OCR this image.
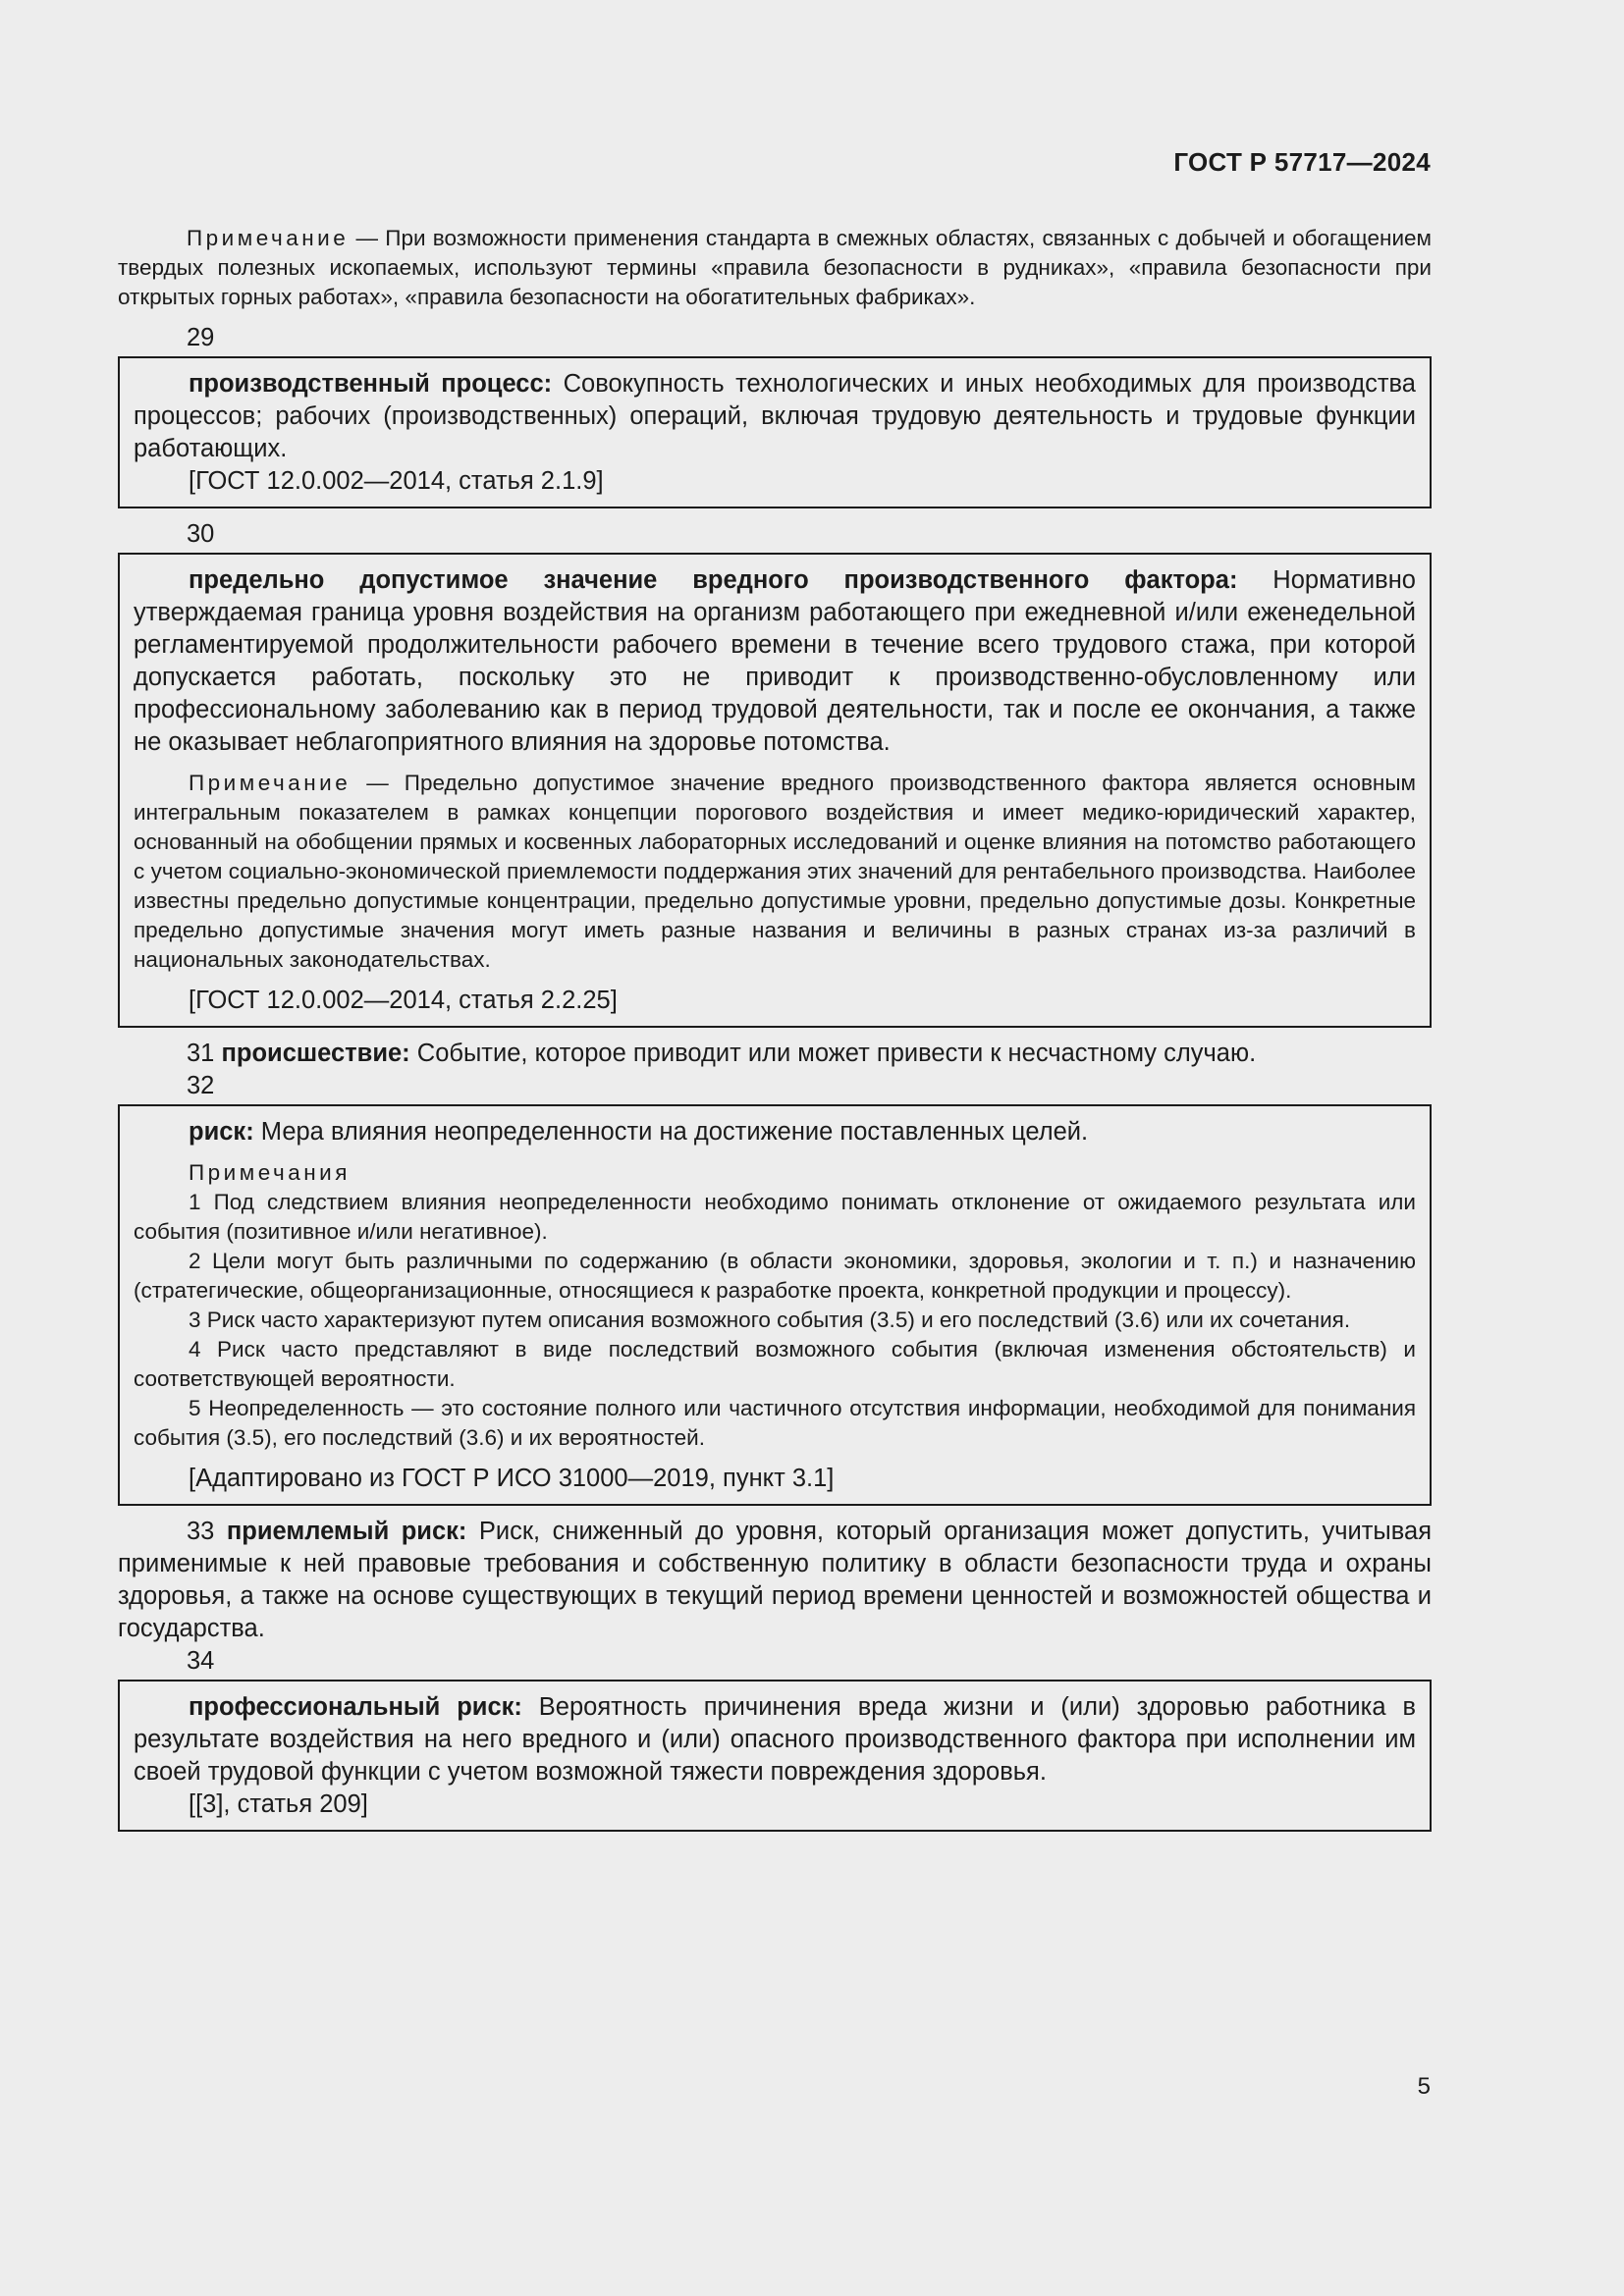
ГОСТ Р 57717—2024

Примечание — При возможности применения стандарта в смежных областях, связанных с добычей и обогащением твердых полезных ископаемых, используют термины «правила безопасности в рудниках», «правила безопасности при открытых горных работах», «правила безопасности на обогатительных фабриках».

29

производственный процесс: Совокупность технологических и иных необходимых для производства процессов; рабочих (производственных) операций, включая трудовую деятельность и трудовые функции работающих.

[ГОСТ 12.0.002—2014, статья 2.1.9]
30

предельно допустимое значение вредного производственного фактора: Нормативно утверждаемая граница уровня воздействия на организм работающего при ежедневной и/или еженедельной регламентируемой продолжительности рабочего времени в течение всего трудового стажа, при которой допускается работать, поскольку это не приводит к производственно-обусловленному или профессиональному заболеванию как в период трудовой деятельности, так и после ее окончания, а также не оказывает неблагоприятного влияния на здоровье потомства.

Примечание — Предельно допустимое значение вредного производственного фактора является основным интегральным показателем в рамках концепции порогового воздействия и имеет медико-юридический характер, основанный на обобщении прямых и косвенных лабораторных исследований и оценке влияния на потомство работающего с учетом социально-экономической приемлемости поддержания этих значений для рентабельного производства. Наиболее известны предельно допустимые концентрации, предельно допустимые уровни, предельно допустимые дозы. Конкретные предельно допустимые значения могут иметь разные названия и величины в разных странах из-за различий в национальных законодательствах.

[ГОСТ 12.0.002—2014, статья 2.2.25]

31 происшествие: Событие, которое приводит или может привести к несчастному случаю.

32

риск: Мера влияния неопределенности на достижение поставленных целей.

Примечания

1 Под следствием влияния неопределенности необходимо понимать отклонение от ожидаемого результата или события (позитивное и/или негативное).

2 Цели могут быть различными по содержанию (в области экономики, здоровья, экологии и т. п.) и назначению (стратегические, общеорганизационные, относящиеся к разработке проекта, конкретной продукции и процессу).

3 Риск часто характеризуют путем описания возможного события (3.5) и его последствий (3.6) или их сочетания.

4 Риск часто представляют в виде последствий возможного события (включая изменения обстоятельств) и соответствующей вероятности.

5 Неопределенность — это состояние полного или частичного отсутствия информации, необходимой для понимания события (3.5), его последствий (3.6) и их вероятностей.

[Адаптировано из ГОСТ Р ИСО 31000—2019, пункт 3.1]

33 приемлемый риск: Риск, сниженный до уровня, который организация может допустить, учитывая применимые к ней правовые требования и собственную политику в области безопасности труда и охраны здоровья, а также на основе существующих в текущий период времени ценностей и возможностей общества и государства.

34

профессиональный риск: Вероятность причинения вреда жизни и (или) здоровью работника в результате воздействия на него вредного и (или) опасного производственного фактора при исполнении им своей трудовой функции с учетом возможной тяжести повреждения здоровья.

[[3], статья 209]
5
